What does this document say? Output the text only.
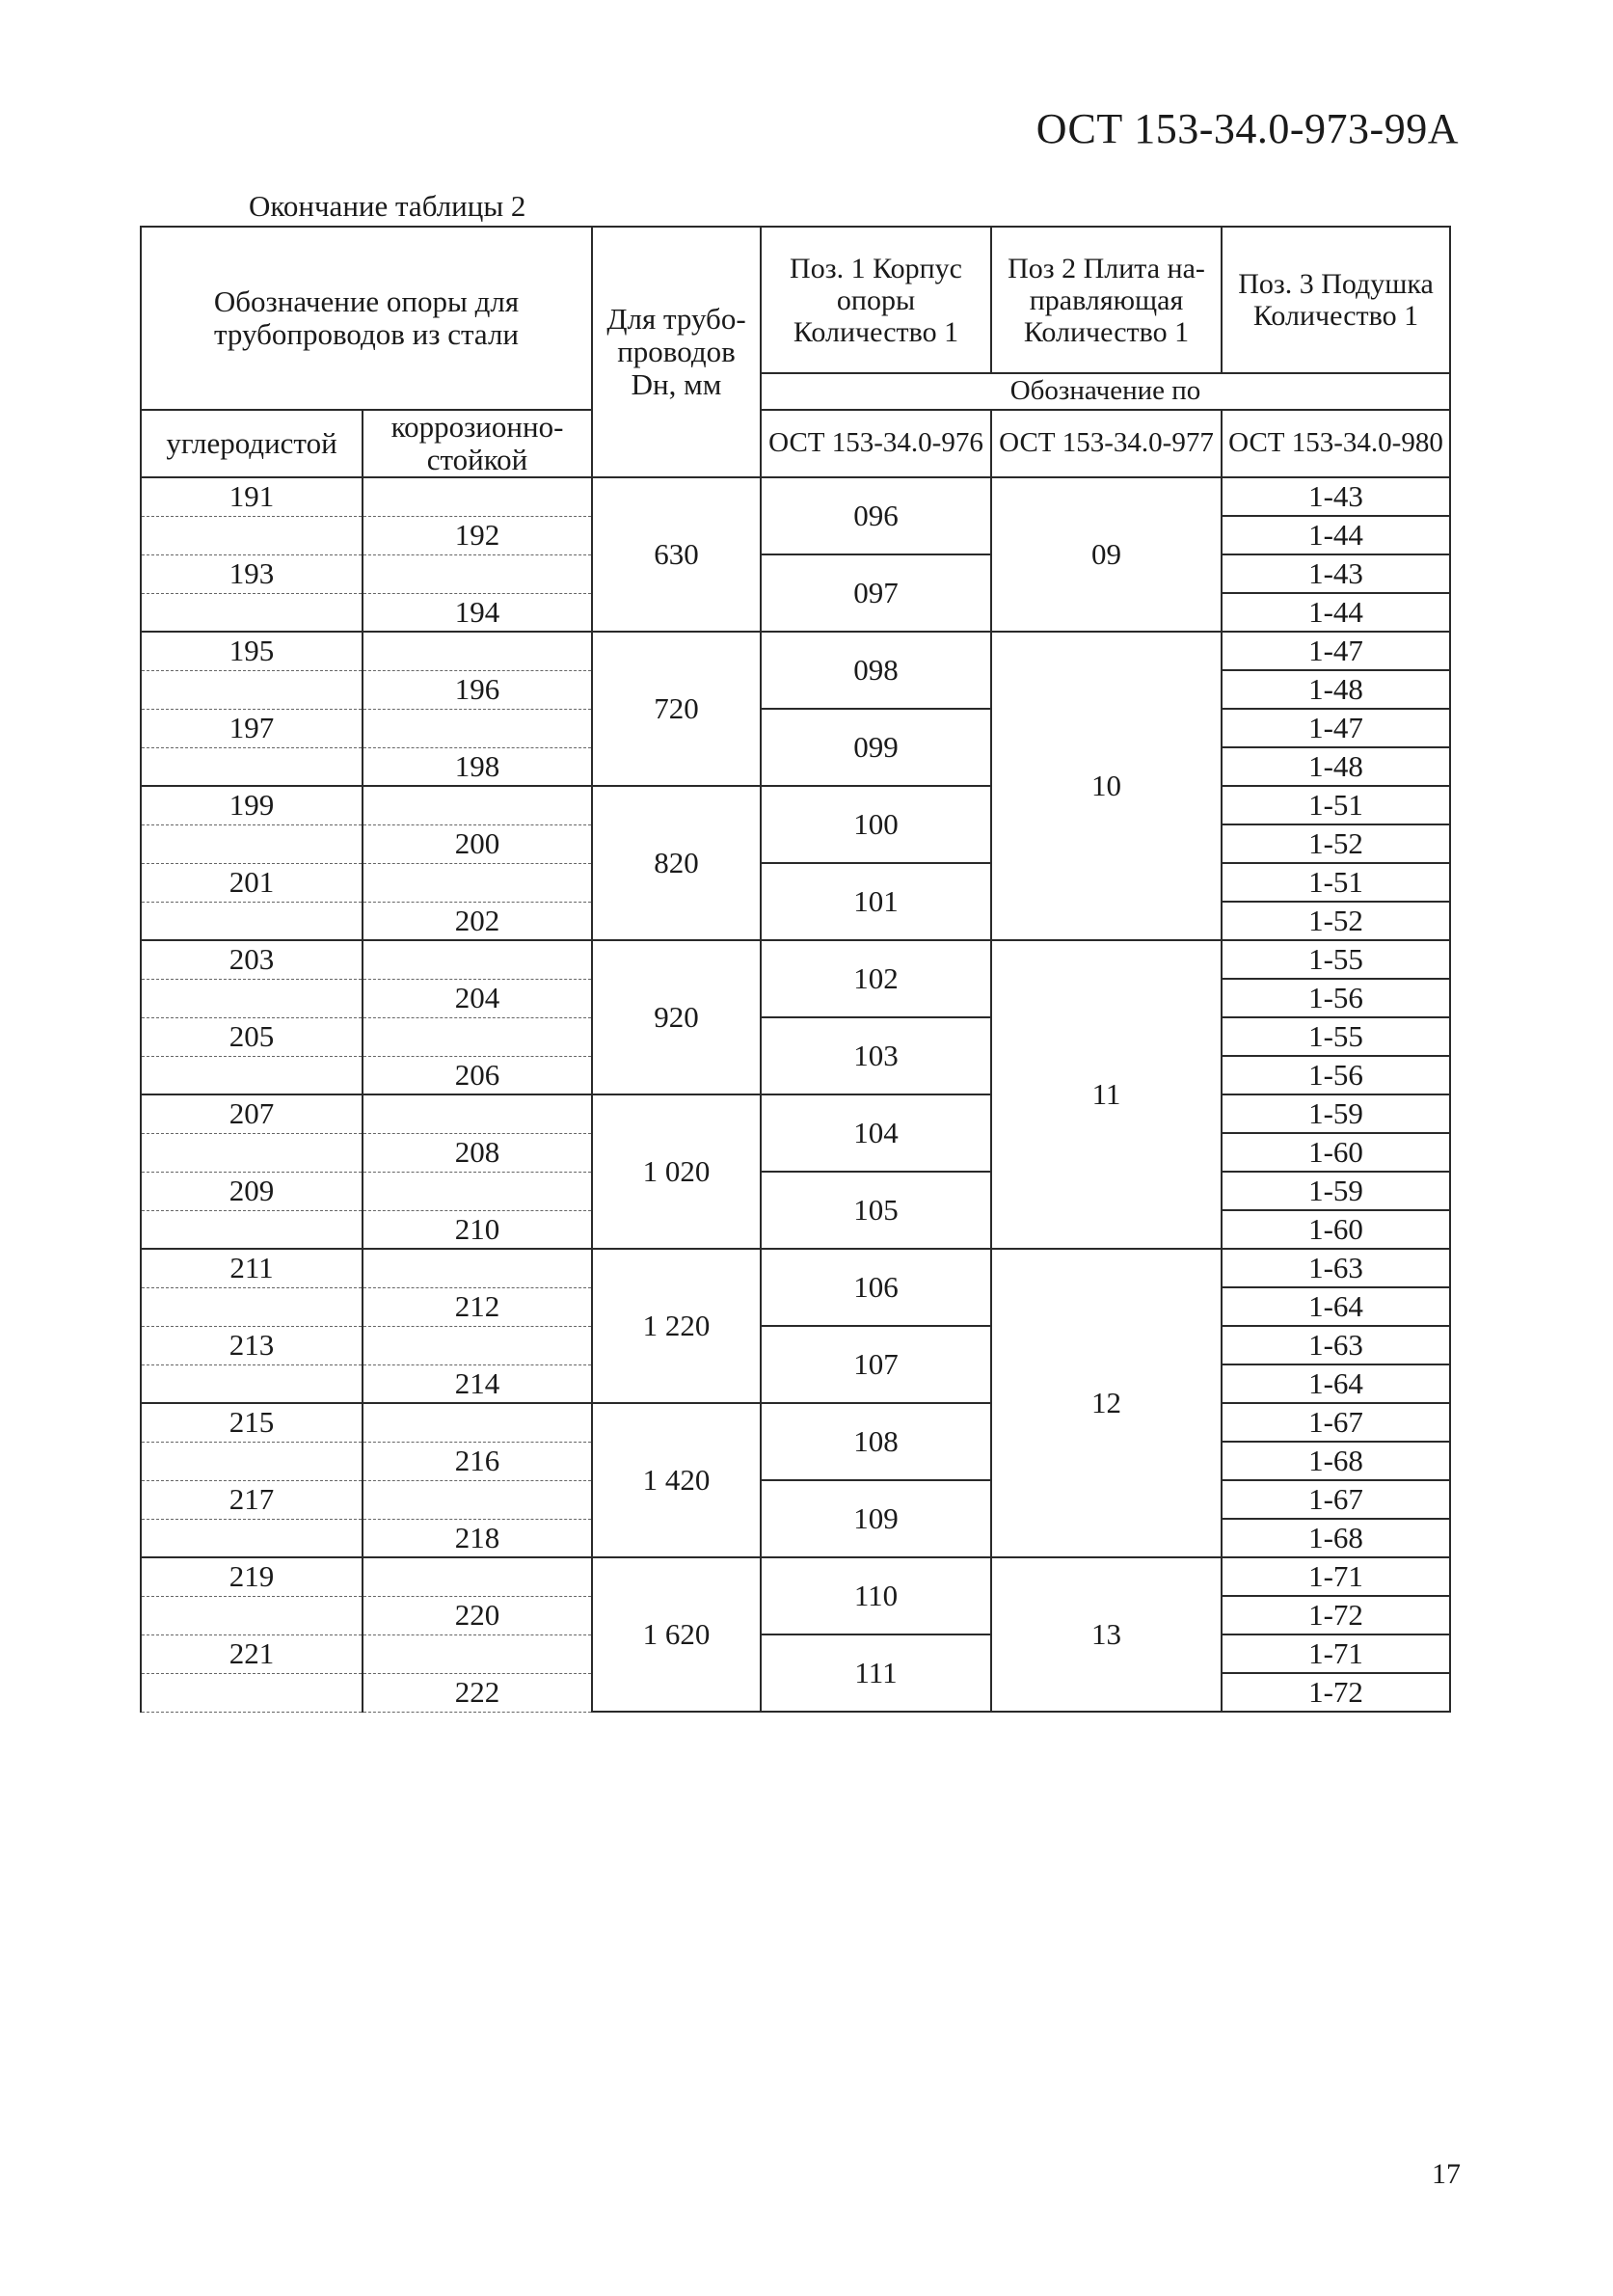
ОСТ 153-34.0-973-99А
Окончание таблицы 2
Обозначение опоры для трубопроводов из стали		Для трубо-проводов Dн, мм	Поз. 1 Корпус опоры Количество 1	Поз 2 Плита на-правляющая Количество 1	Поз. 3 Подушка Количество 1
			Обозначение по		
углеродистой	коррозионно-стойкой		ОСТ 153-34.0-976	ОСТ 153-34.0-977	ОСТ 153-34.0-980
191		630	096	09	1-43
	192				1-44
193			097		1-43
	194				1-44
195		720	098	10	1-47
	196				1-48
197			099		1-47
	198				1-48
199		820	100		1-51
	200				1-52
201			101		1-51
	202				1-52
203		920	102	11	1-55
	204				1-56
205			103		1-55
	206				1-56
207		1 020	104		1-59
	208				1-60
209			105		1-59
	210				1-60
211		1 220	106	12	1-63
	212				1-64
213			107		1-63
	214				1-64
215		1 420	108		1-67
	216				1-68
217			109		1-67
	218				1-68
219		1 620	110	13	1-71
	220				1-72
221			111		1-71
	222				1-72
17
